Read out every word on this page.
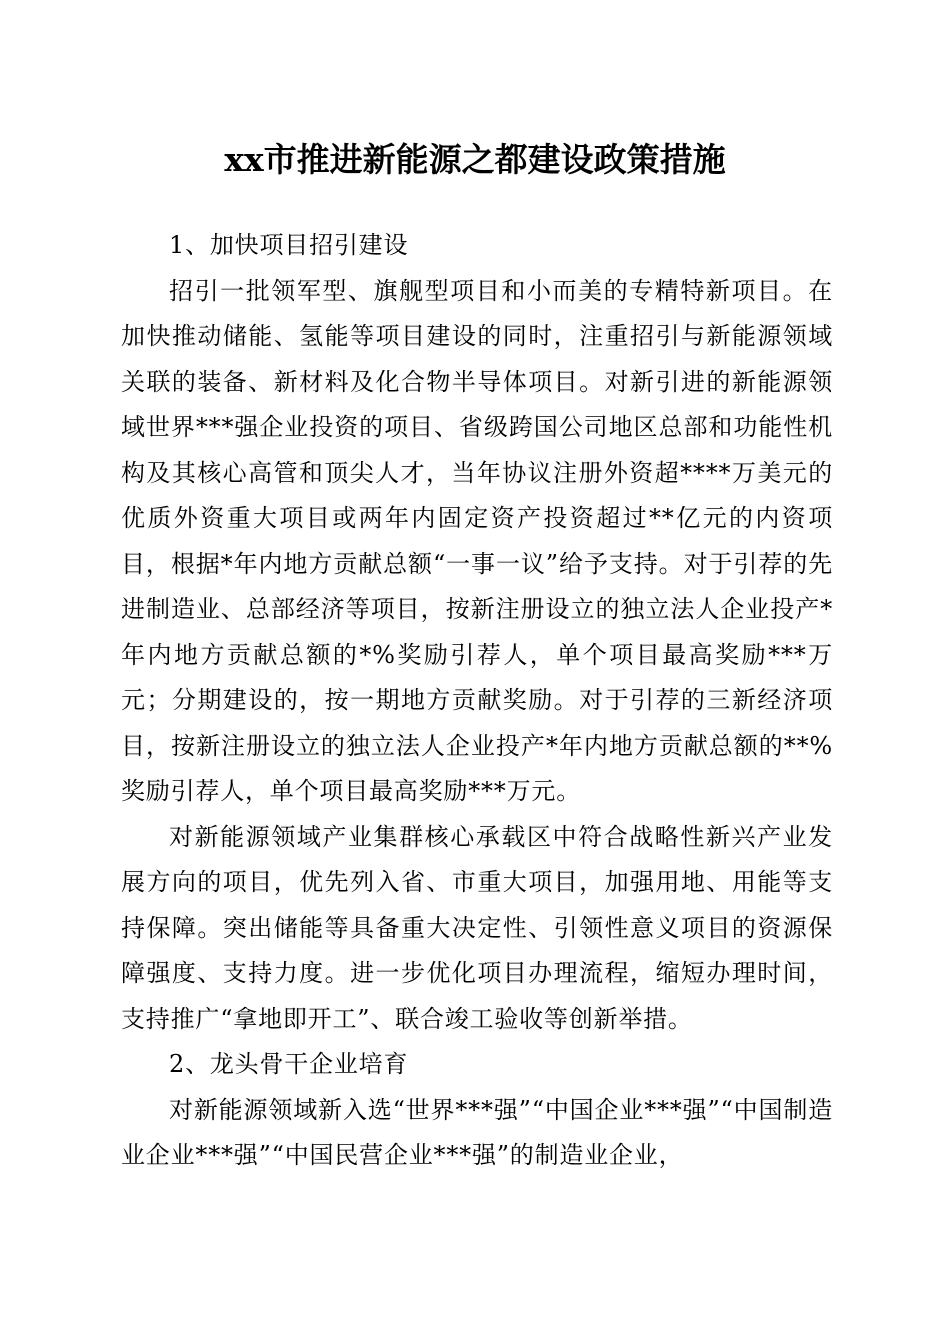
xx市推进新能源之都建设政策措施

1、加快项目招引建设

招引一批领军型、旗舰型项目和小而美的专精特新项目。在加快推动储能、氢能等项目建设的同时，注重招引与新能源领域关联的装备、新材料及化合物半导体项目。对新引进的新能源领域世界***强企业投资的项目、省级跨国公司地区总部和功能性机构及其核心高管和顶尖人才，当年协议注册外资超****万美元的优质外资重大项目或两年内固定资产投资超过**亿元的内资项目，根据*年内地方贡献总额“一事一议”给予支持。对于引荐的先进制造业、总部经济等项目，按新注册设立的独立法人企业投产*年内地方贡献总额的*%奖励引荐人，单个项目最高奖励***万元；分期建设的，按一期地方贡献奖励。对于引荐的三新经济项目，按新注册设立的独立法人企业投产*年内地方贡献总额的**%奖励引荐人，单个项目最高奖励***万元。

对新能源领域产业集群核心承载区中符合战略性新兴产业发展方向的项目，优先列入省、市重大项目，加强用地、用能等支持保障。突出储能等具备重大决定性、引领性意义项目的资源保障强度、支持力度。进一步优化项目办理流程，缩短办理时间，支持推广“拿地即开工”、联合竣工验收等创新举措。

2、龙头骨干企业培育

对新能源领域新入选“世界***强”“中国企业***强”“中国制造业企业***强”“中国民营企业***强”的制造业企业，
